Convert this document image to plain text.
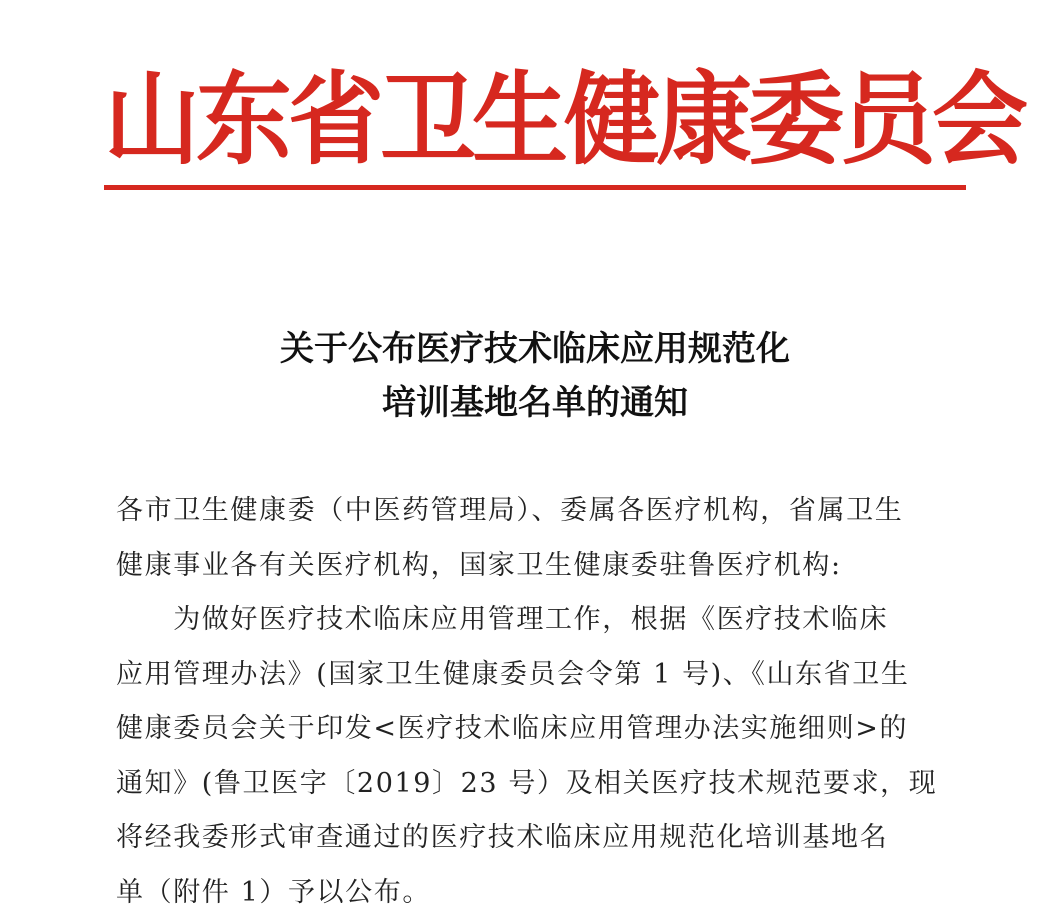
山东省卫生健康委员会
关于公布医疗技术临床应用规范化
培训基地名单的通知
各市卫生健康委（中医药管理局）、委属各医疗机构，省属卫生
健康事业各有关医疗机构，国家卫生健康委驻鲁医疗机构:
　　为做好医疗技术临床应用管理工作，根据《医疗技术临床
应用管理办法》(国家卫生健康委员会令第 1 号)、《山东省卫生
健康委员会关于印发<医疗技术临床应用管理办法实施细则>的
通知》(鲁卫医字〔2019〕23 号）及相关医疗技术规范要求，现
将经我委形式审查通过的医疗技术临床应用规范化培训基地名
单（附件 1）予以公布。
